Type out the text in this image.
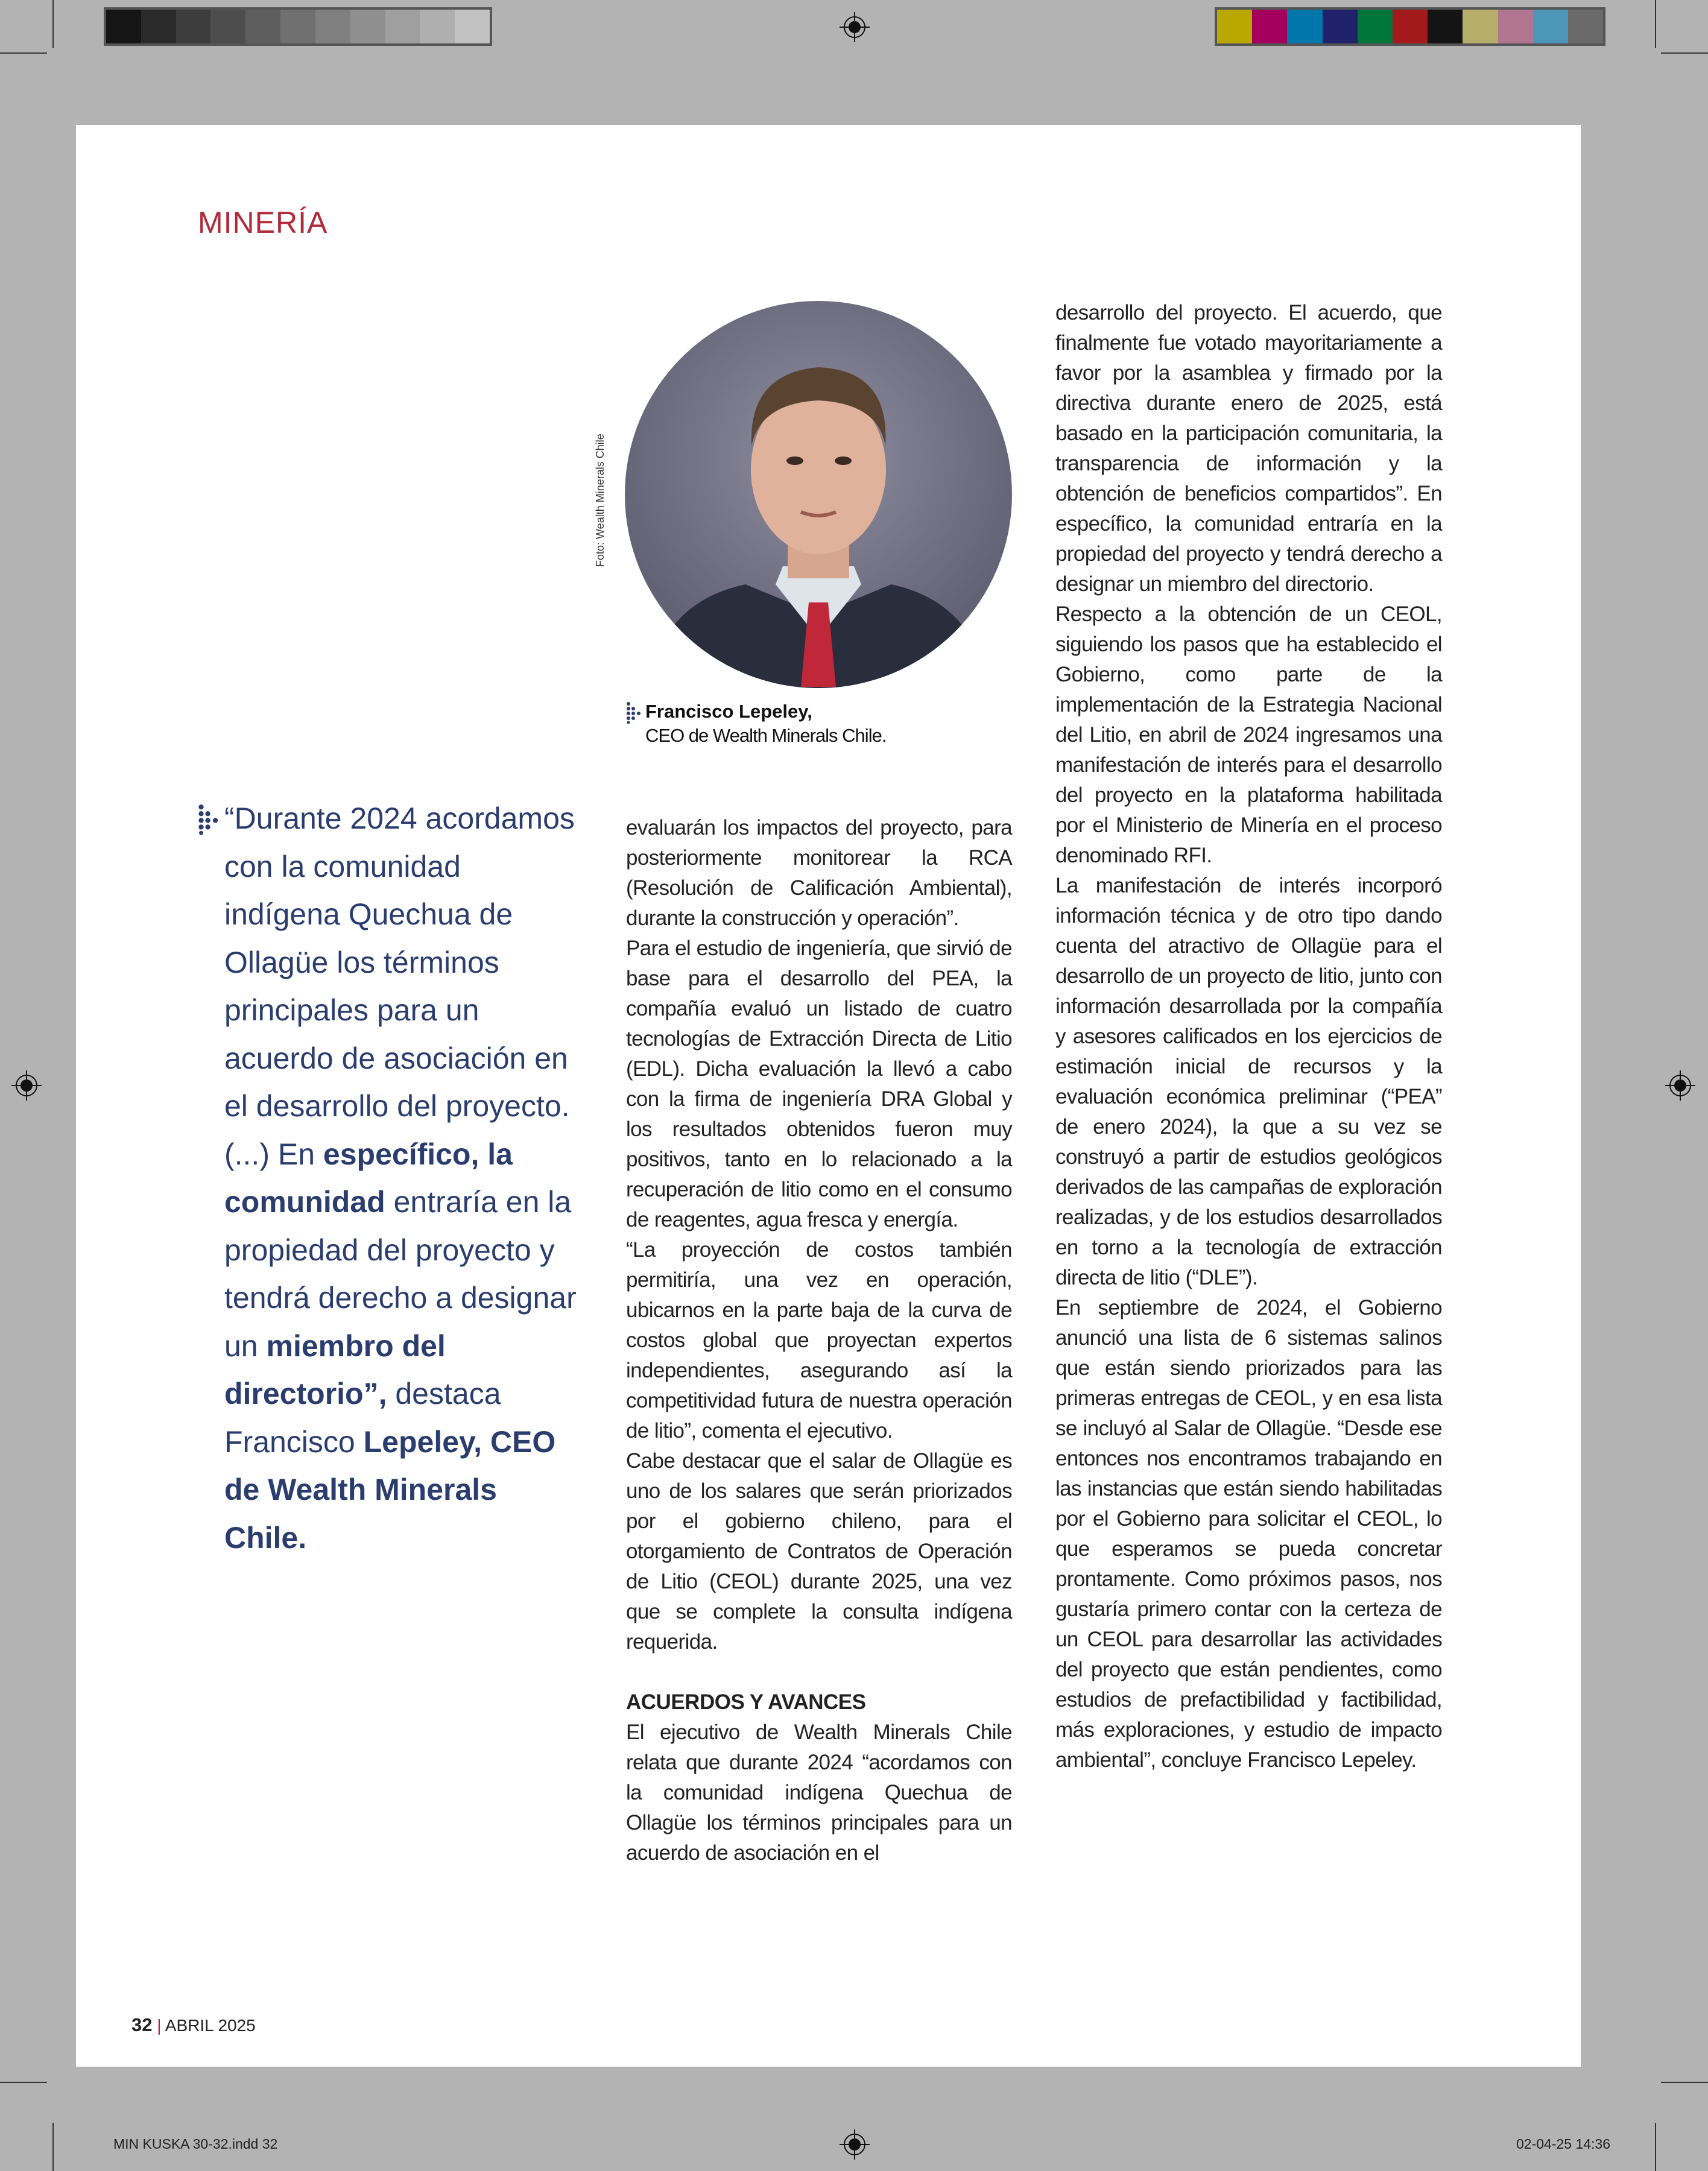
MIN KUSKA 30-32.indd 32	02-04-25 14:36
MINERÍA
Foto: Wealth Minerals Chile
Francisco Lepeley,
CEO de Wealth Minerals Chile.
“Durante 2024 acordamos con la comunidad indígena Quechua de Ollagüe los términos principales para un acuerdo de asociación en el desarrollo del proyecto. (...) En específico, la comunidad entraría en la propiedad del proyecto y tendrá derecho a designar un miembro del directorio”, destaca Francisco Lepeley, CEO de Wealth Minerals Chile.

evaluarán los impactos del proyecto, para posteriormente monitorear la RCA (Resolución de Calificación Ambiental), durante la construcción y operación”.

Para el estudio de ingeniería, que sirvió de base para el desarrollo del PEA, la compañía evaluó un listado de cuatro tecnologías de Extracción Directa de Litio (EDL). Dicha evaluación la llevó a cabo con la firma de ingeniería DRA Global y los resultados obtenidos fueron muy positivos, tanto en lo relacionado a la recuperación de litio como en el consumo de reagentes, agua fresca y energía.

“La proyección de costos también permitiría, una vez en operación, ubicarnos en la parte baja de la curva de costos global que proyectan expertos independientes, asegurando así la competitividad futura de nuestra operación de litio”, comenta el ejecutivo.

Cabe destacar que el salar de Ollagüe es uno de los salares que serán priorizados por el gobierno chileno, para el otorgamiento de Contratos de Operación de Litio (CEOL) durante 2025, una vez que se complete la consulta indígena requerida.

ACUERDOS Y AVANCES

El ejecutivo de Wealth Minerals Chile relata que durante 2024 “acordamos con la comunidad indígena Quechua de Ollagüe los términos principales para un acuerdo de asociación en el

desarrollo del proyecto. El acuerdo, que finalmente fue votado mayoritariamente a favor por la asamblea y firmado por la directiva durante enero de 2025, está basado en la participación comunitaria, la transparencia de información y la obtención de beneficios compartidos”. En específico, la comunidad entraría en la propiedad del proyecto y tendrá derecho a designar un miembro del directorio.

Respecto a la obtención de un CEOL, siguiendo los pasos que ha establecido el Gobierno, como parte de la implementación de la Estrategia Nacional del Litio, en abril de 2024 ingresamos una manifestación de interés para el desarrollo del proyecto en la plataforma habilitada por el Ministerio de Minería en el proceso denominado RFI.

La manifestación de interés incorporó información técnica y de otro tipo dando cuenta del atractivo de Ollagüe para el desarrollo de un proyecto de litio, junto con información desarrollada por la compañía y asesores calificados en los ejercicios de estimación inicial de recursos y la evaluación económica preliminar (“PEA” de enero 2024), la que a su vez se construyó a partir de estudios geológicos derivados de las campañas de exploración realizadas, y de los estudios desarrollados en torno a la tecnología de extracción directa de litio (“DLE”).

En septiembre de 2024, el Gobierno anunció una lista de 6 sistemas salinos que están siendo priorizados para las primeras entregas de CEOL, y en esa lista se incluyó al Salar de Ollagüe. “Desde ese entonces nos encontramos trabajando en las instancias que están siendo habilitadas por el Gobierno para solicitar el CEOL, lo que esperamos se pueda concretar prontamente. Como próximos pasos, nos gustaría primero contar con la certeza de un CEOL para desarrollar las actividades del proyecto que están pendientes, como estudios de prefactibilidad y factibilidad, más exploraciones, y estudio de impacto ambiental”, concluye Francisco Lepeley.

32 | ABRIL 2025
